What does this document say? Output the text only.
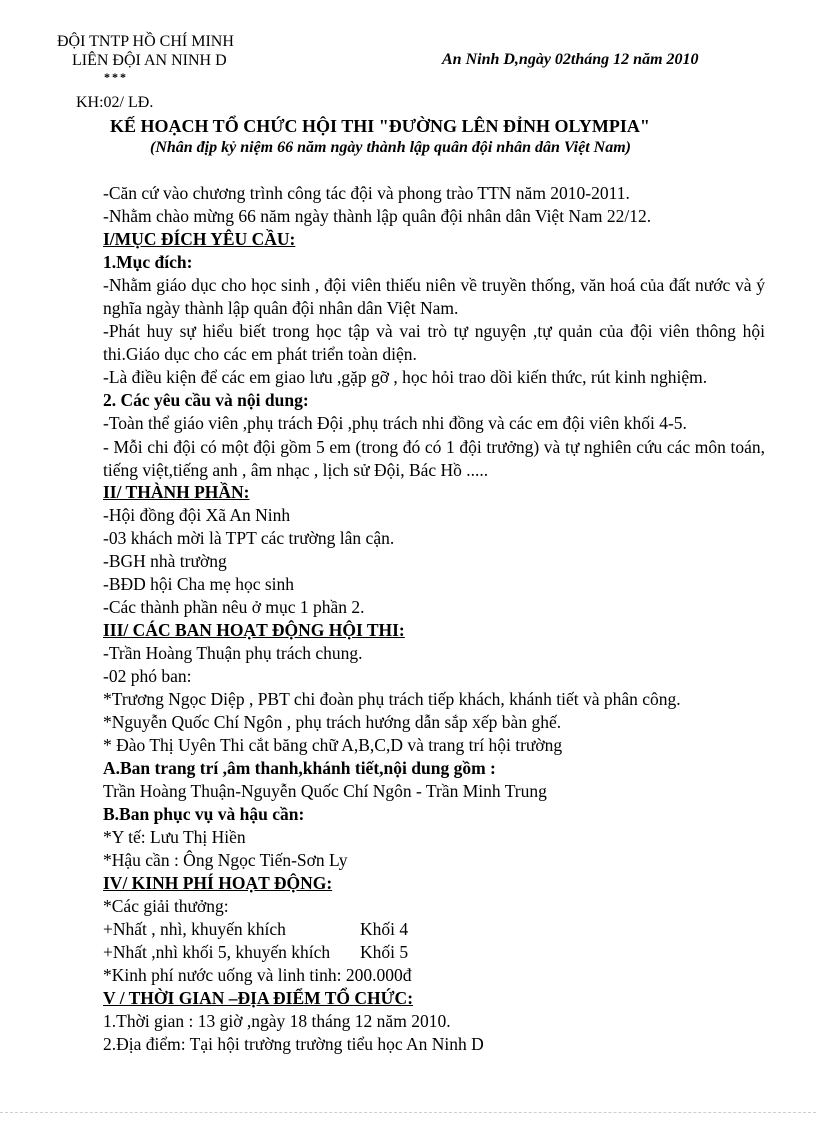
ĐỘI TNTP HỒ CHÍ MINH
LIÊN ĐỘI AN NINH D
***
An Ninh D,ngày 02tháng 12 năm 2010
KH:02/ LĐ.
KẾ HOẠCH TỔ CHỨC HỘI THI "ĐƯỜNG LÊN ĐỈNH OLYMPIA"
(Nhân địp kỷ niệm 66 năm ngày thành lập quân đội nhân dân Việt Nam)
-Căn cứ vào chương trình công tác đội và phong trào TTN năm 2010-2011.
-Nhằm chào mừng 66 năm ngày thành lập quân đội nhân dân Việt Nam 22/12.
I/MỤC ĐÍCH YÊU CẦU:
1.Mục đích:
-Nhằm giáo dục cho học sinh , đội viên thiếu niên về truyền thống, văn hoá của đất nước và ý nghĩa ngày thành lập quân đội nhân dân Việt Nam.
-Phát huy sự hiểu biết trong học tập và vai trò tự nguyện ,tự quản của đội viên thông hội thi.Giáo dục cho các em phát triển toàn diện.
-Là điều kiện để các em giao lưu ,gặp gỡ , học hỏi trao dồi kiến thức, rút kinh nghiệm.
2. Các yêu cầu và nội dung:
-Toàn thể giáo viên ,phụ trách Đội ,phụ trách nhi đồng và các em đội viên khối 4-5.
- Mỗi chi đội có một đội gồm 5 em (trong đó có 1 đội trưởng) và tự nghiên cứu các môn toán, tiếng việt,tiếng anh , âm nhạc , lịch sử Đội, Bác Hồ .....
II/ THÀNH PHẦN:
-Hội đồng đội Xã An Ninh
-03 khách mời là TPT các trường lân cận.
-BGH nhà trường
-BĐD hội Cha mẹ học sinh
-Các thành phần nêu ở mục 1 phần 2.
III/ CÁC BAN HOẠT ĐỘNG HỘI THI:
-Trần Hoàng Thuận phụ trách chung.
-02 phó ban:
*Trương Ngọc Diệp , PBT chi đoàn phụ trách tiếp khách, khánh tiết và phân công.
*Nguyễn Quốc Chí Ngôn , phụ trách hướng dẫn sắp xếp bàn ghế.
* Đào Thị Uyên Thi cắt băng chữ A,B,C,D và trang trí hội trường
A.Ban trang trí ,âm thanh,khánh tiết,nội dung gồm :
Trần Hoàng Thuận-Nguyễn Quốc Chí Ngôn - Trần Minh Trung
B.Ban phục vụ và hậu cần:
*Y tế: Lưu Thị Hiền
*Hậu cần : Ông Ngọc Tiến-Sơn Ly
IV/ KINH PHÍ HOẠT ĐỘNG:
*Các giải thưởng:
+Nhất , nhì, khuyến khích	Khối 4
+Nhất ,nhì khối 5, khuyến khích Khối 5
*Kinh phí nước uống và linh tinh: 200.000đ
V / THỜI GIAN –ĐỊA ĐIỂM TỔ CHỨC:
1.Thời gian : 13 giờ ,ngày 18 tháng 12 năm 2010.
2.Địa điểm: Tại hội trường trường tiểu học An Ninh D
